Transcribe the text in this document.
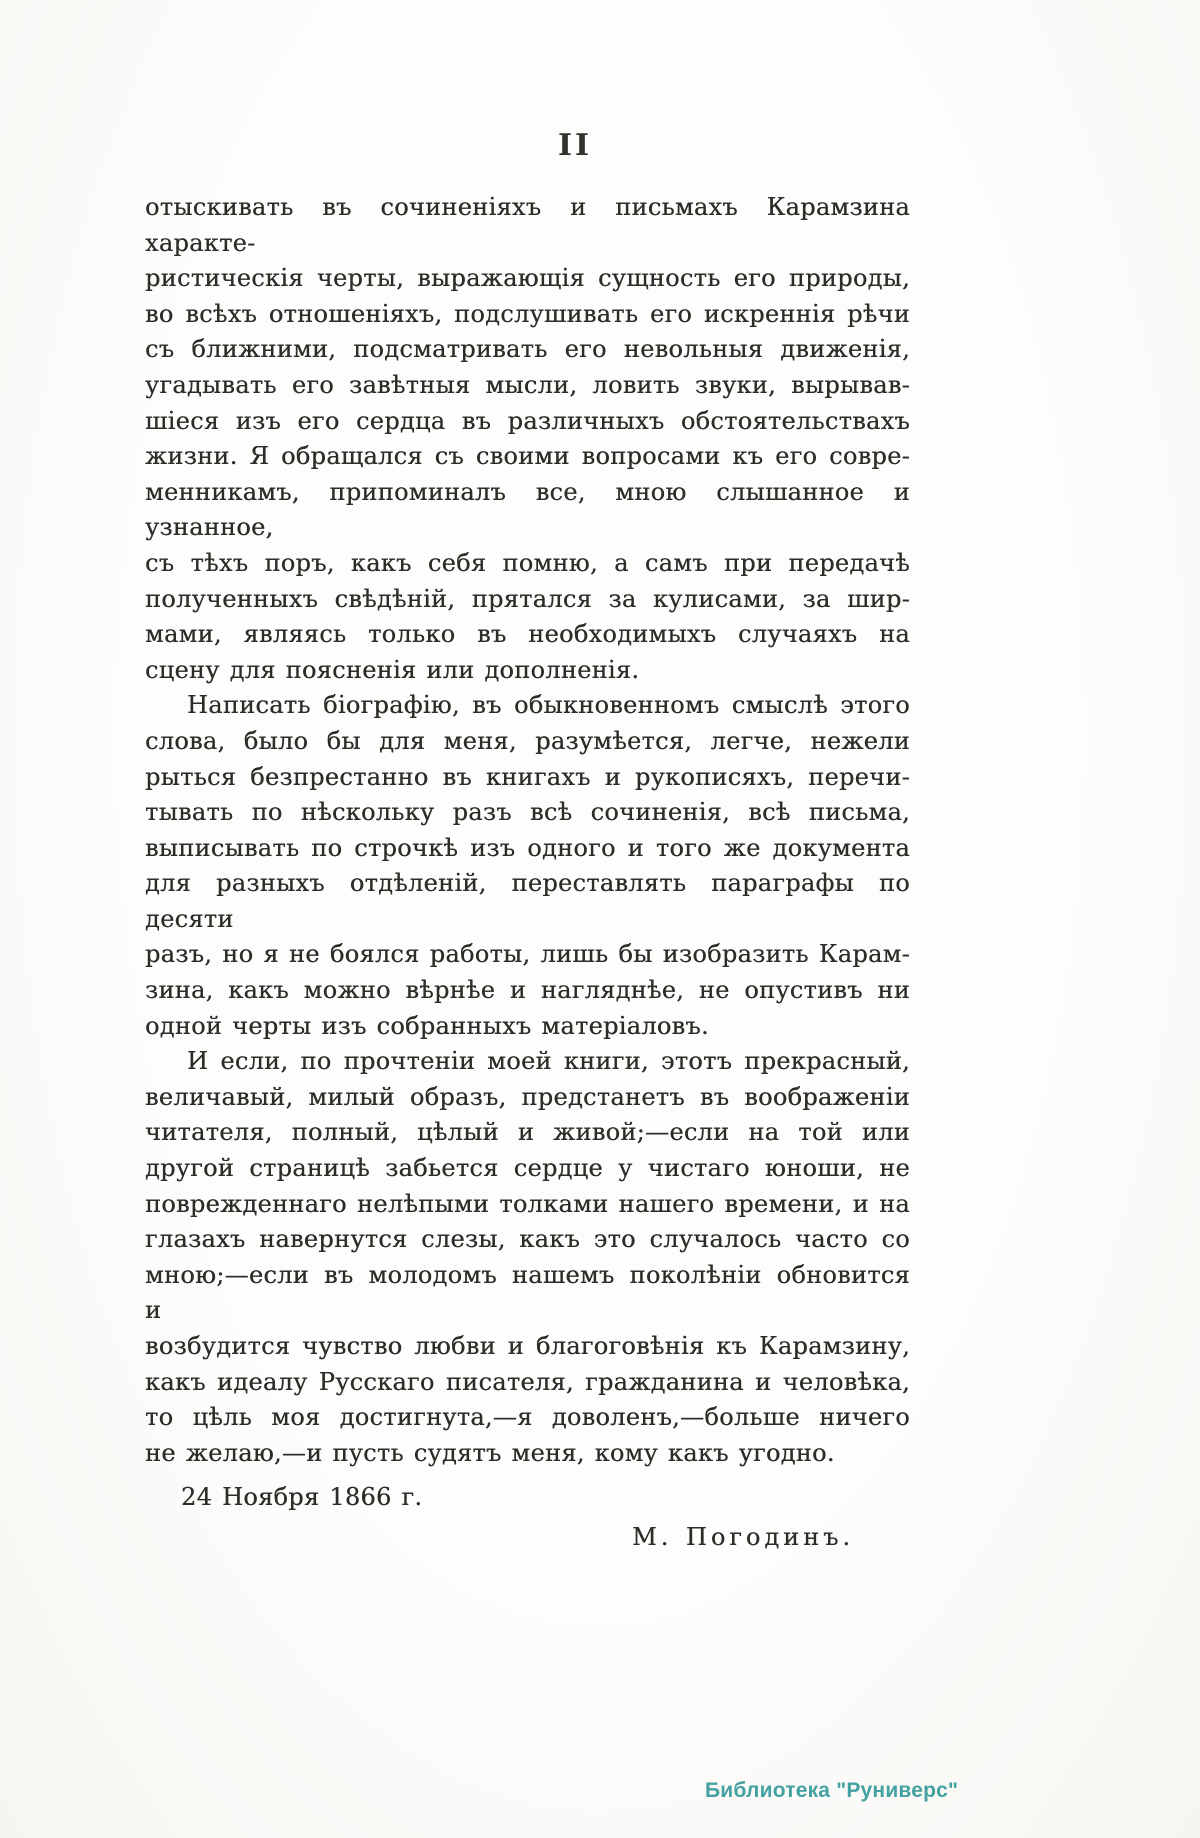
II
отыскивать въ сочиненіяхъ и письмахъ Карамзина характе-
ристическія черты, выражающія сущность его природы,
во всѣхъ отношеніяхъ, подслушивать его искреннія рѣчи
съ ближними, подсматривать его невольныя движенія,
угадывать его завѣтныя мысли, ловить звуки, вырывав-
шіеся изъ его сердца въ различныхъ обстоятельствахъ
жизни. Я обращался съ своими вопросами къ его совре-
менникамъ, припоминалъ все, мною слышанное и узнанное,
съ тѣхъ поръ, какъ себя помню, а самъ при передачѣ
полученныхъ свѣдѣній, прятался за кулисами, за шир-
мами, являясь только въ необходимыхъ случаяхъ на
сцену для поясненія или дополненія.
Написать біографію, въ обыкновенномъ смыслѣ этого
слова, было бы для меня, разумѣется, легче, нежели
рыться безпрестанно въ книгахъ и рукописяхъ, перечи-
тывать по нѣскольку разъ всѣ сочиненія, всѣ письма,
выписывать по строчкѣ изъ одного и того же документа
для разныхъ отдѣленій, переставлять параграфы по десяти
разъ, но я не боялся работы, лишь бы изобразить Карам-
зина, какъ можно вѣрнѣе и нагляднѣе, не опустивъ ни
одной черты изъ собранныхъ матеріаловъ.
И если, по прочтеніи моей книги, этотъ прекрасный,
величавый, милый образъ, предстанетъ въ воображеніи
читателя, полный, цѣлый и живой;—если на той или
другой страницѣ забьется сердце у чистаго юноши, не
поврежденнаго нелѣпыми толками нашего времени, и на
глазахъ навернутся слезы, какъ это случалось часто со
мною;—если въ молодомъ нашемъ поколѣніи обновится и
возбудится чувство любви и благоговѣнія къ Карамзину,
какъ идеалу Русскаго писателя, гражданина и человѣка,
то цѣль моя достигнута,—я доволенъ,—больше ничего
не желаю,—и пусть судятъ меня, кому какъ угодно.
24 Ноября 1866 г.
М. Погодинъ.
Библиотека "Руниверс"
